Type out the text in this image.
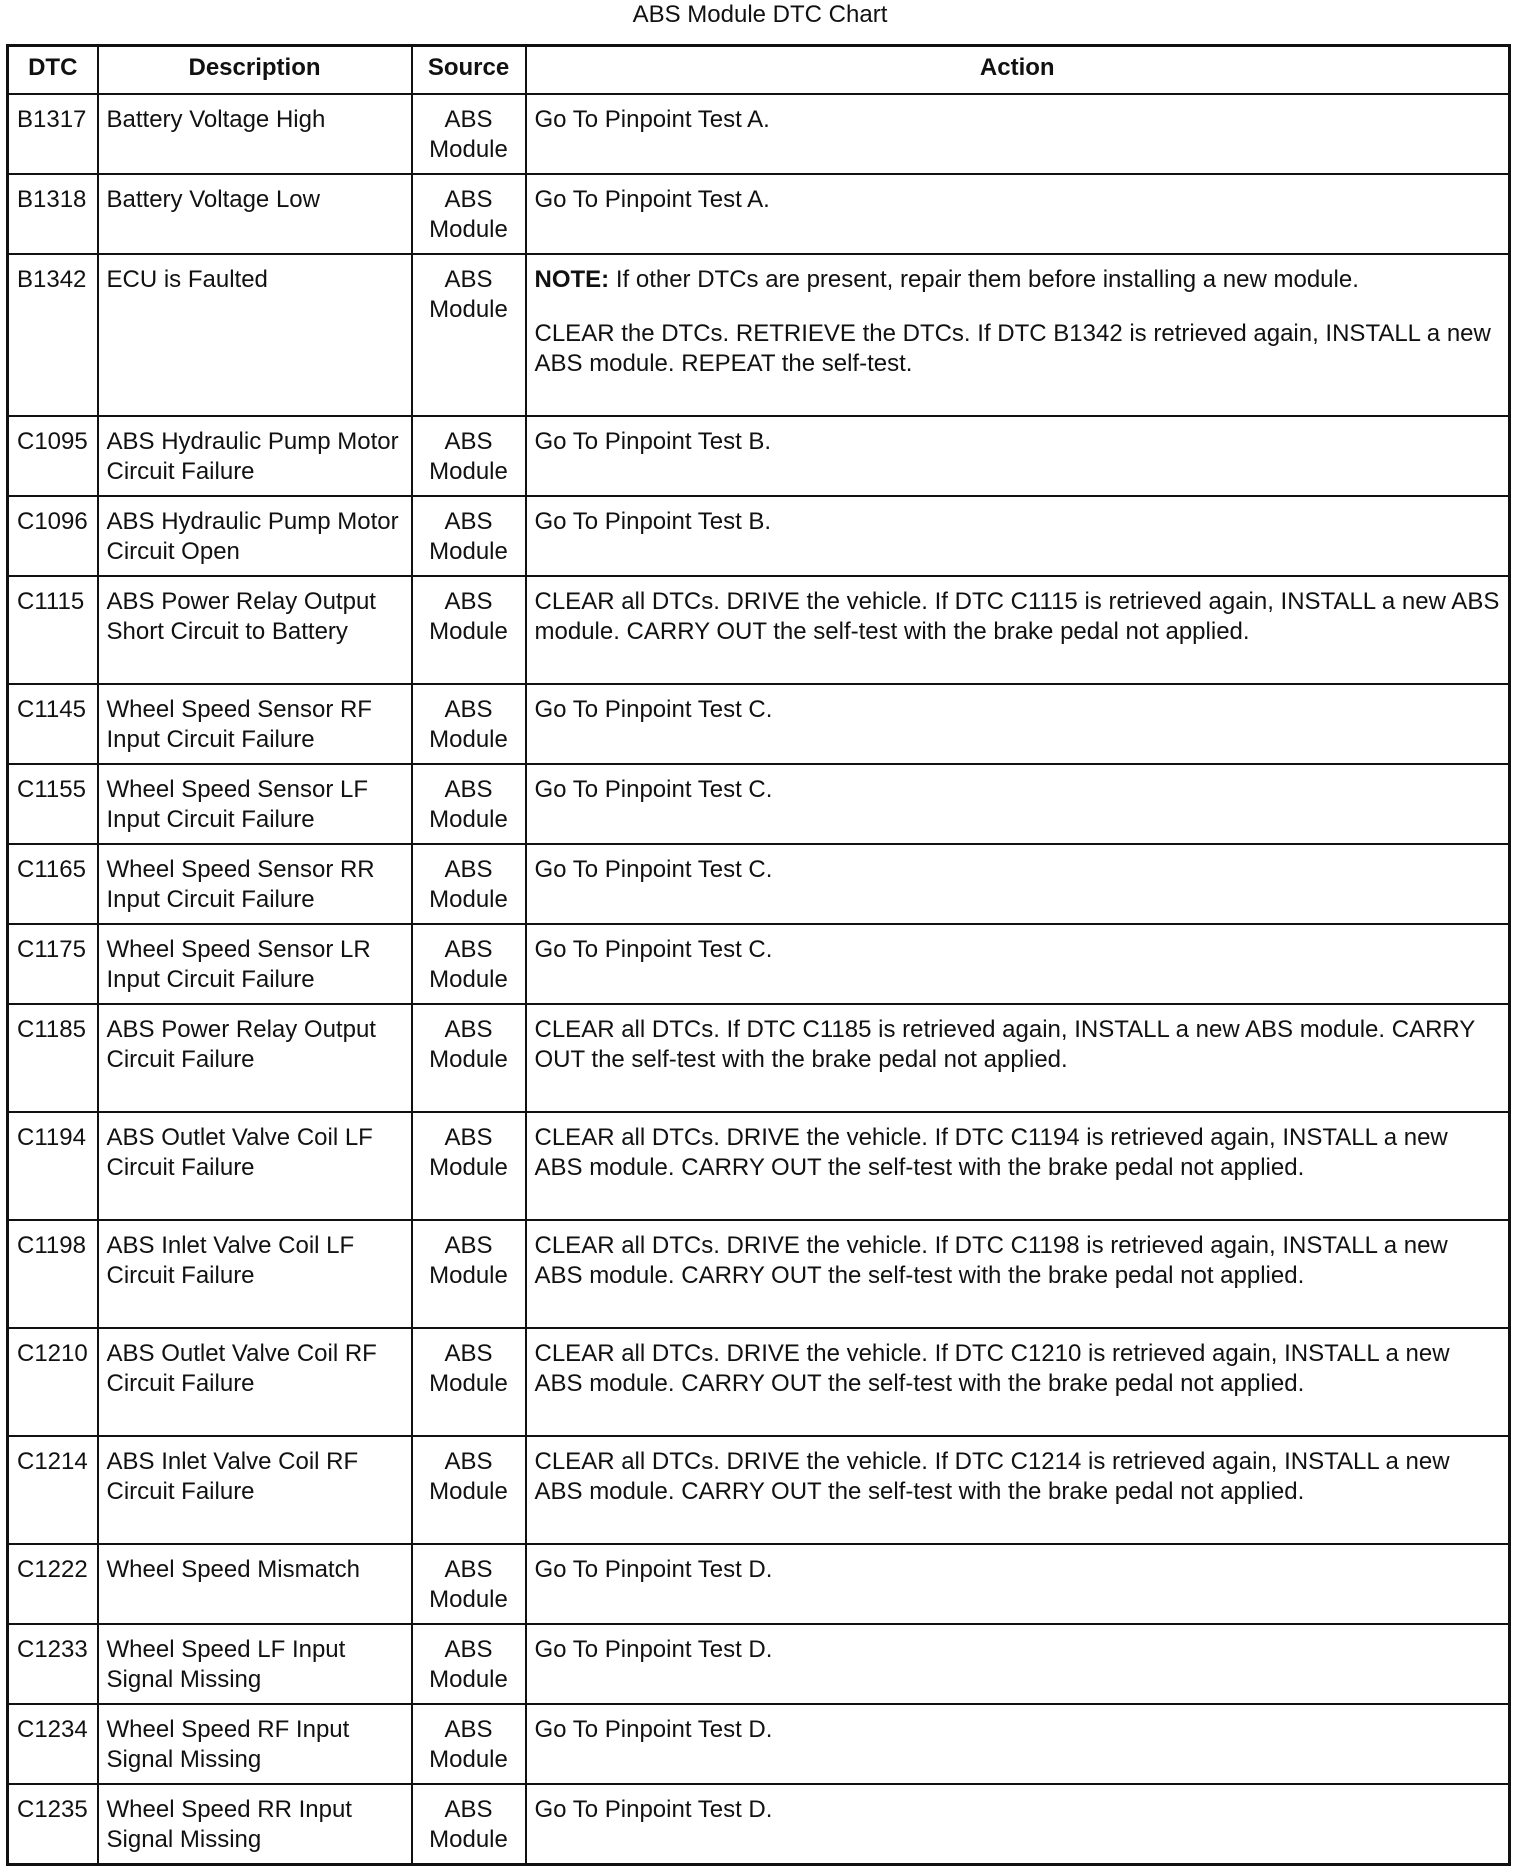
ABS Module DTC Chart
DTC	Description	Source	Action
B1317	Battery Voltage High	ABS Module	Go To Pinpoint Test A.
B1318	Battery Voltage Low	ABS Module	Go To Pinpoint Test A.
B1342	ECU is Faulted	ABS Module	NOTE: If other DTCs are present, repair them before installing a new module.

CLEAR the DTCs. RETRIEVE the DTCs. If DTC B1342 is retrieved again, INSTALL a new ABS module. REPEAT the self-test.

C1095	ABS Hydraulic Pump Motor Circuit Failure	ABS Module	Go To Pinpoint Test B.
C1096	ABS Hydraulic Pump Motor Circuit Open	ABS Module	Go To Pinpoint Test B.
C1115	ABS Power Relay Output Short Circuit to Battery	ABS Module	CLEAR all DTCs. DRIVE the vehicle. If DTC C1115 is retrieved again, INSTALL a new ABS module. CARRY OUT the self-test with the brake pedal not applied.
C1145	Wheel Speed Sensor RF Input Circuit Failure	ABS Module	Go To Pinpoint Test C.
C1155	Wheel Speed Sensor LF Input Circuit Failure	ABS Module	Go To Pinpoint Test C.
C1165	Wheel Speed Sensor RR Input Circuit Failure	ABS Module	Go To Pinpoint Test C.
C1175	Wheel Speed Sensor LR Input Circuit Failure	ABS Module	Go To Pinpoint Test C.
C1185	ABS Power Relay Output Circuit Failure	ABS Module	CLEAR all DTCs. If DTC C1185 is retrieved again, INSTALL a new ABS module. CARRY OUT the self-test with the brake pedal not applied.
C1194	ABS Outlet Valve Coil LF Circuit Failure	ABS Module	CLEAR all DTCs. DRIVE the vehicle. If DTC C1194 is retrieved again, INSTALL a new ABS module. CARRY OUT the self-test with the brake pedal not applied.
C1198	ABS Inlet Valve Coil LF Circuit Failure	ABS Module	CLEAR all DTCs. DRIVE the vehicle. If DTC C1198 is retrieved again, INSTALL a new ABS module. CARRY OUT the self-test with the brake pedal not applied.
C1210	ABS Outlet Valve Coil RF Circuit Failure	ABS Module	CLEAR all DTCs. DRIVE the vehicle. If DTC C1210 is retrieved again, INSTALL a new ABS module. CARRY OUT the self-test with the brake pedal not applied.
C1214	ABS Inlet Valve Coil RF Circuit Failure	ABS Module	CLEAR all DTCs. DRIVE the vehicle. If DTC C1214 is retrieved again, INSTALL a new ABS module. CARRY OUT the self-test with the brake pedal not applied.
C1222	Wheel Speed Mismatch	ABS Module	Go To Pinpoint Test D.
C1233	Wheel Speed LF Input Signal Missing	ABS Module	Go To Pinpoint Test D.
C1234	Wheel Speed RF Input Signal Missing	ABS Module	Go To Pinpoint Test D.
C1235	Wheel Speed RR Input Signal Missing	ABS Module	Go To Pinpoint Test D.
